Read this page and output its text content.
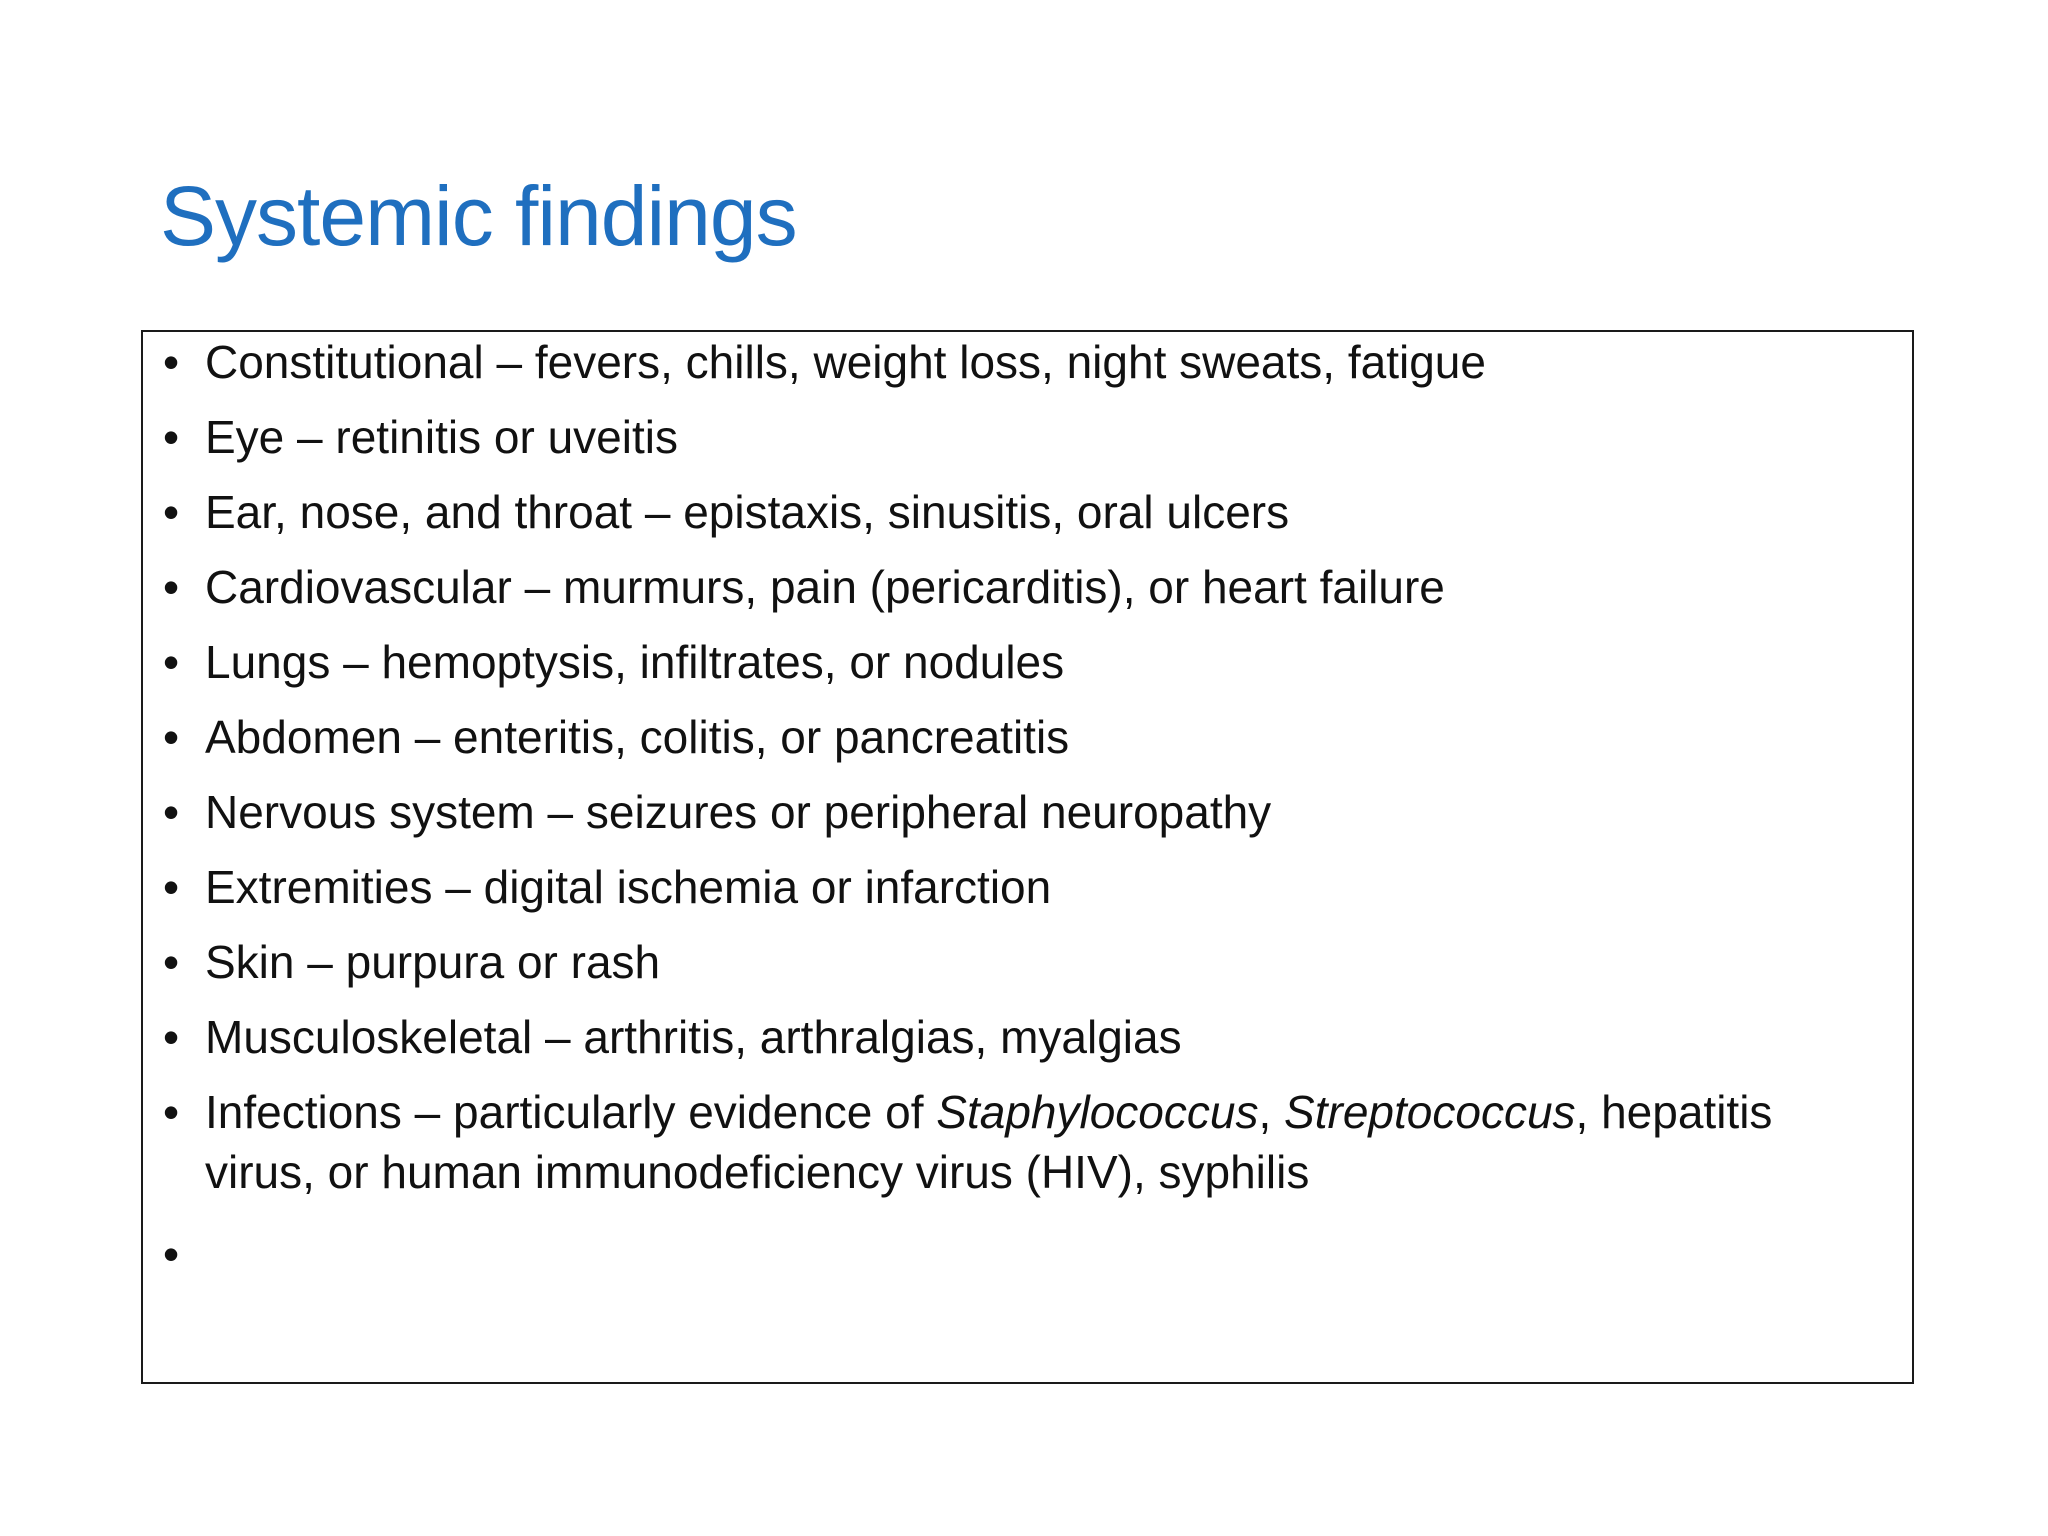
Systemic findings
•
Constitutional – fevers, chills, weight loss, night sweats, fatigue
•
Eye – retinitis or uveitis
•
Ear, nose, and throat – epistaxis, sinusitis, oral ulcers
•
Cardiovascular – murmurs, pain (pericarditis), or heart failure
•
Lungs – hemoptysis, infiltrates, or nodules
•
Abdomen – enteritis, colitis, or pancreatitis
•
Nervous system – seizures or peripheral neuropathy
•
Extremities – digital ischemia or infarction
•
Skin – purpura or rash
•
Musculoskeletal – arthritis, arthralgias, myalgias
•
Infections – particularly evidence of Staphylococcus, Streptococcus, hepatitis virus, or human immunodeficiency virus (HIV), syphilis
•
